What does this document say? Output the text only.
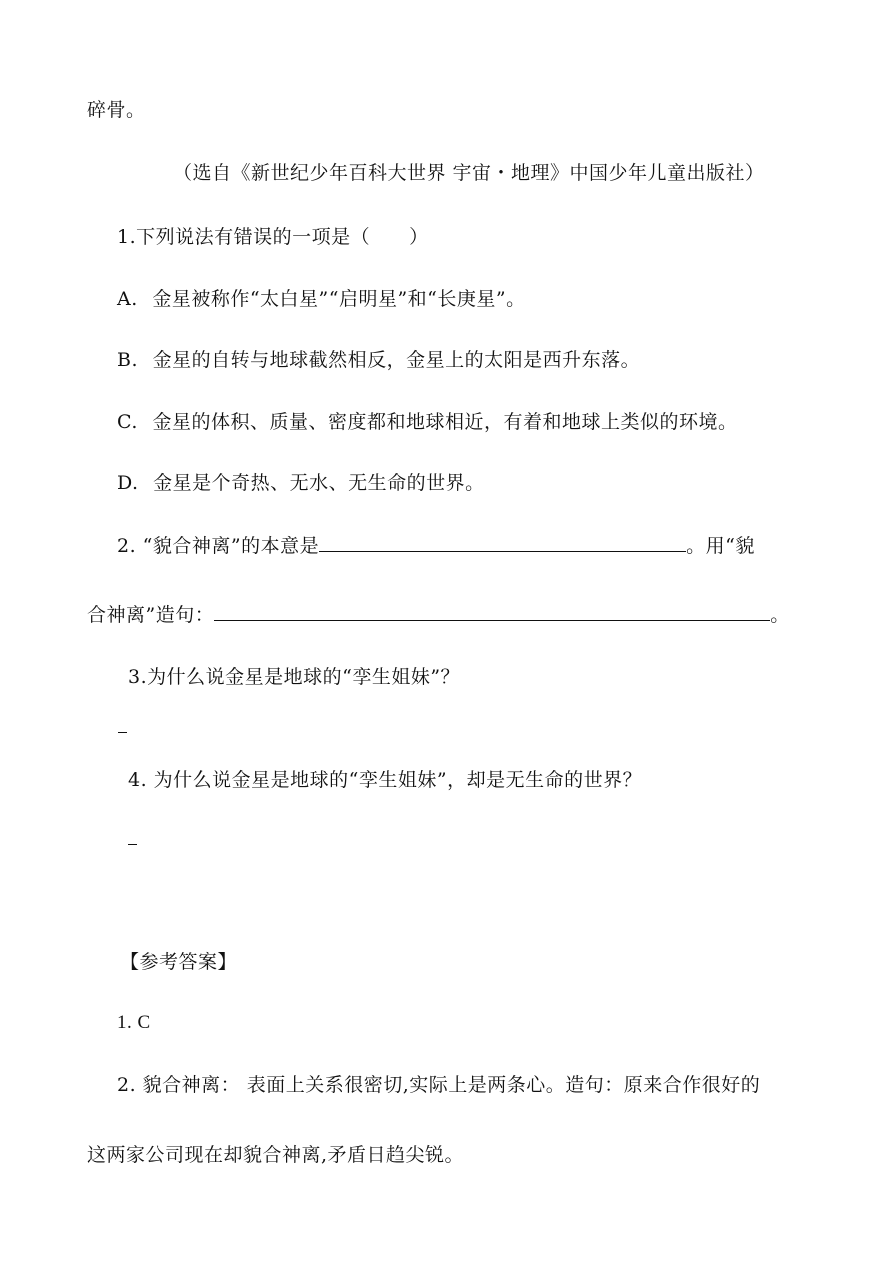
碎骨。
（选自《新世纪少年百科大世界 宇宙・地理》中国少年儿童出版社）
1.下列说法有错误的一项是（　　）
A. 金星被称作“太白星”“启明星”和“长庚星”。
B. 金星的自转与地球截然相反，金星上的太阳是西升东落。
C. 金星的体积、质量、密度都和地球相近，有着和地球上类似的环境。
D. 金星是个奇热、无水、无生命的世界。
2. “貌合神离”的本意是	。用“貌
合神离”造句：	。
3.为什么说金星是地球的“孪生姐妹”？
4. 为什么说金星是地球的“孪生姐妹”，却是无生命的世界？
【参考答案】
1. C
2. 貌合神离： 表面上关系很密切,实际上是两条心。造句：原来合作很好的
这两家公司现在却貌合神离,矛盾日趋尖锐。
